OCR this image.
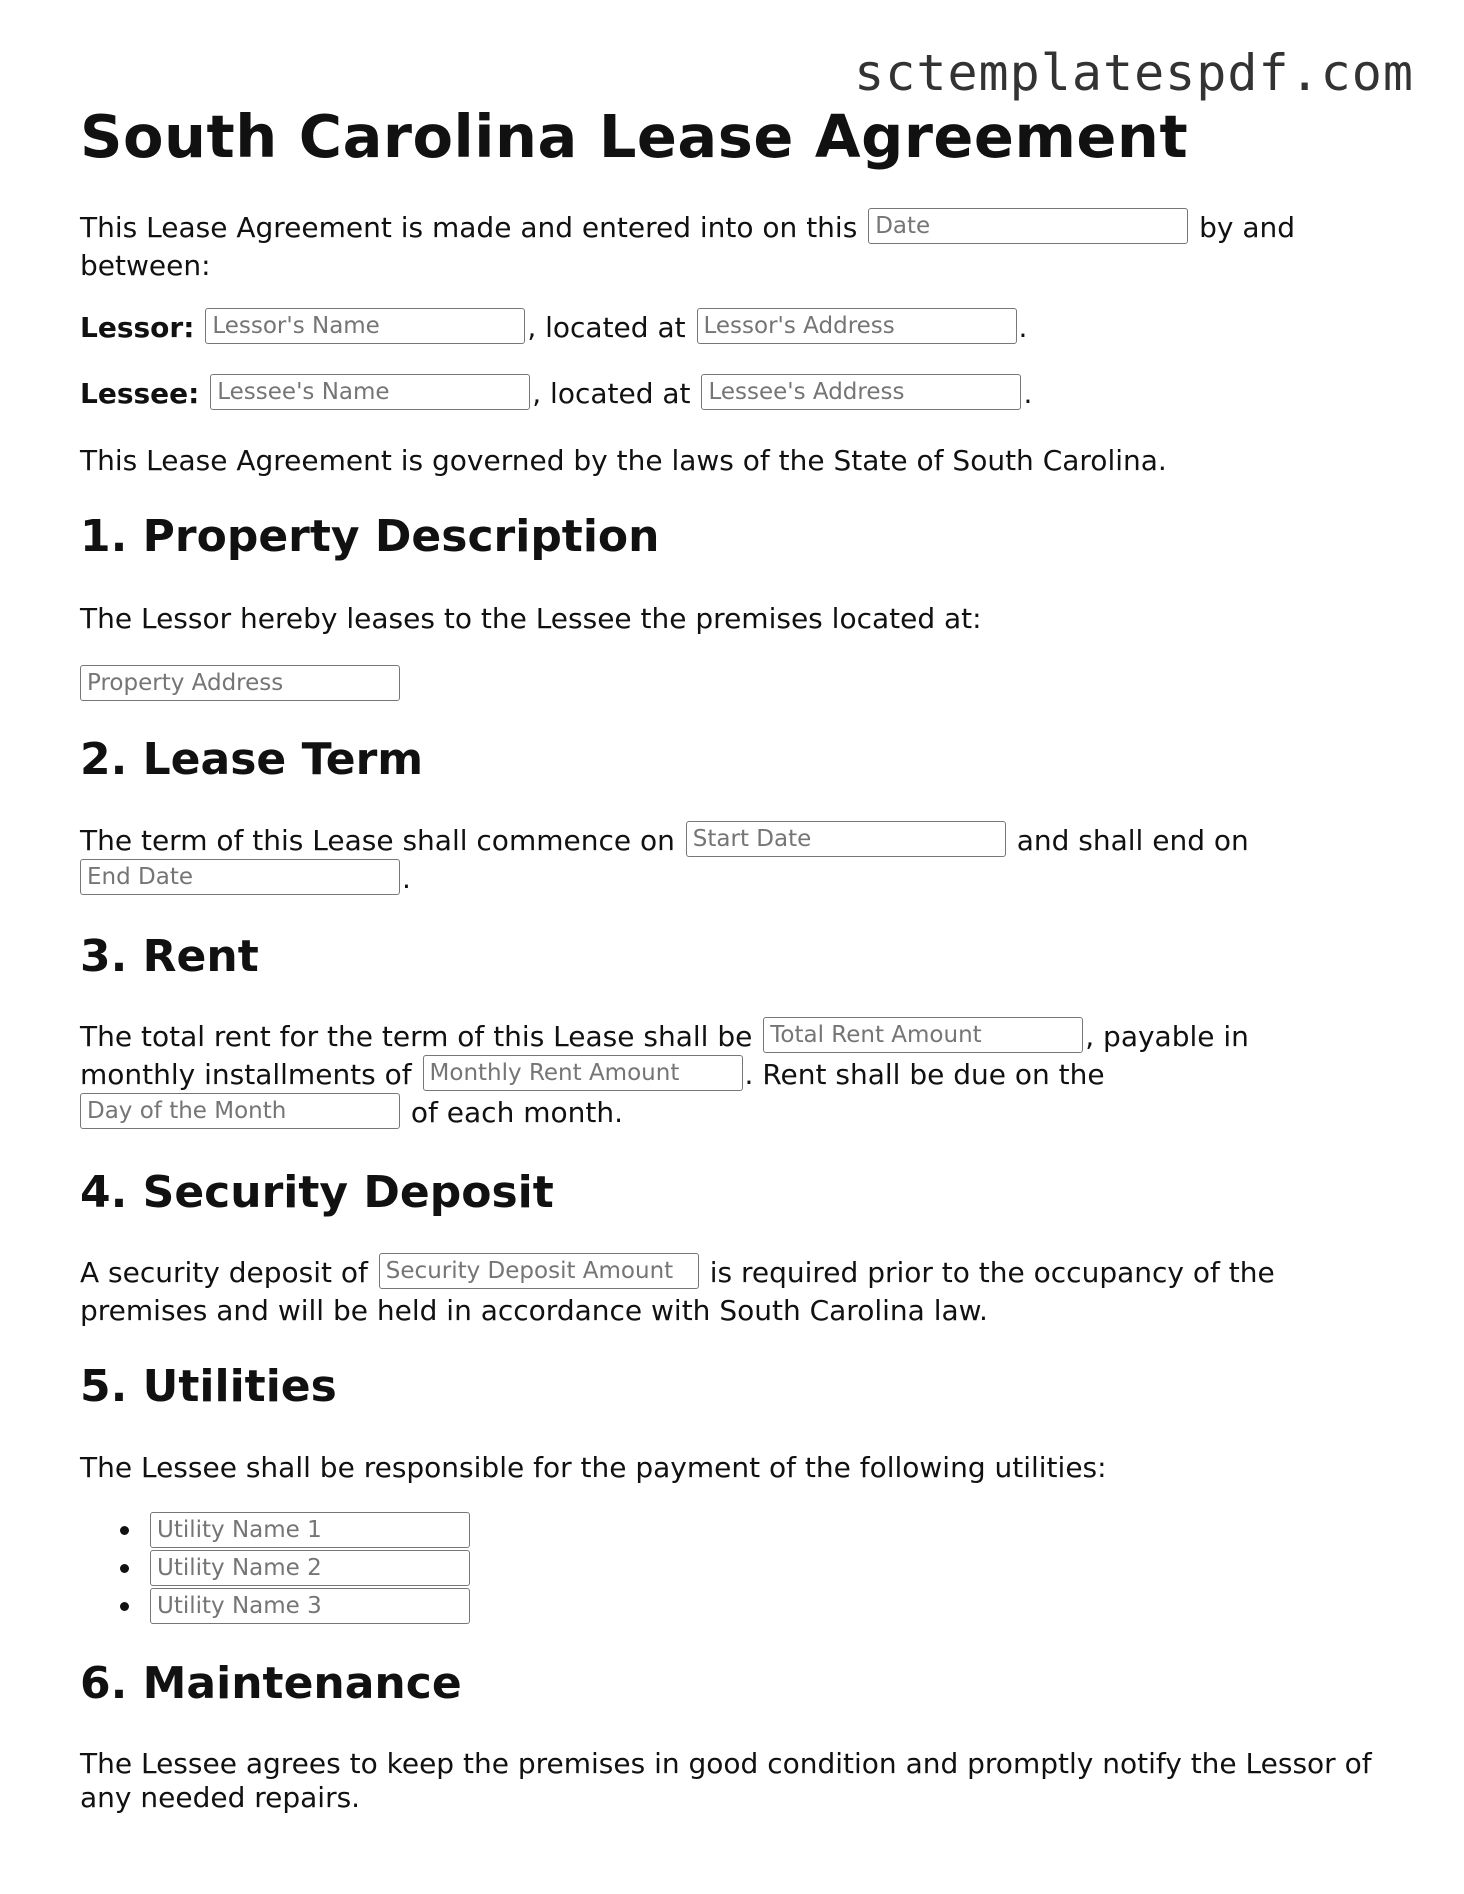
sctemplatespdf.com
South Carolina Lease Agreement

This Lease Agreement is made and entered into on this Date	by and between:

Lessor: Lessor's Name	, located at Lessor's Address	.

Lessee: Lessee's Name	, located at Lessee's Address	.

This Lease Agreement is governed by the laws of the State of South Carolina.

1. Property Description

The Lessor hereby leases to the Lessee the premises located at:

Property Address

2. Lease Term

The term of this Lease shall commence on Start Date	and shall end on End Date.

3. Rent

The total rent for the term of this Lease shall be Total Rent Amount	, payable in monthly installments of Monthly Rent Amount	. Rent shall be due on the Day of the Month of each month.

4. Security Deposit

A security deposit of Security Deposit Amount	is required prior to the occupancy of the premises and will be held in accordance with South Carolina law.

5. Utilities

The Lessee shall be responsible for the payment of the following utilities:

Utility Name 1
Utility Name 2
Utility Name 3

6. Maintenance

The Lessee agrees to keep the premises in good condition and promptly notify the Lessor of any needed repairs.
